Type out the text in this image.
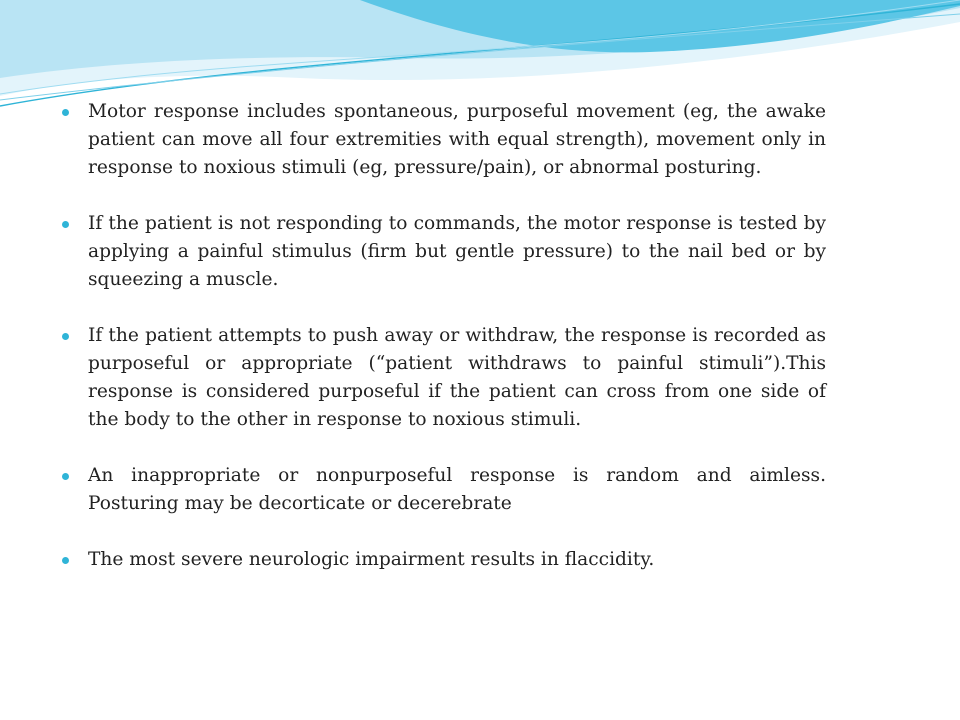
Motor response includes spontaneous, purposeful movement (eg, the awake patient can move all four extremities with equal strength), movement only in response to noxious stimuli (eg, pressure/pain), or abnormal posturing.
If the patient is not responding to commands, the motor response is tested by applying a painful stimulus (firm but gentle pressure) to the nail bed or by squeezing a muscle.
If the patient attempts to push away or withdraw, the response is recorded as purposeful or appropriate (“patient withdraws to painful stimuli”).This response is considered purposeful if the patient can cross from one side of the body to the other in response to noxious stimuli.
An inappropriate or nonpurposeful response is random and aimless. Posturing may be decorticate or decerebrate
The most severe neurologic impairment results in flaccidity.
